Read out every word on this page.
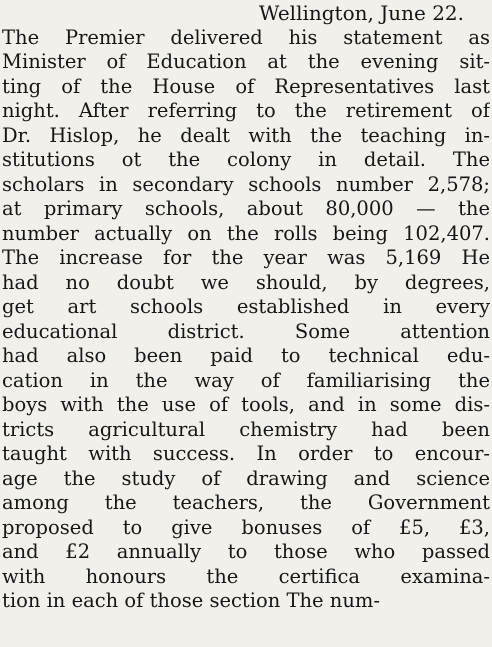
Wellington, June 22.
The Premier delivered his statement as
Minister of Education at the evening sit-
ting of the House of Representatives last
night. After referring to the retirement of
Dr. Hislop, he dealt with the teaching in-
stitutions ot the colony in detail. The
scholars in secondary schools number 2,578;
at primary schools, about 80,000 — the
number actually on the rolls being 102,407.
The increase for the year was 5,169 He
had no doubt we should, by degrees,
get art schools established in every
educational district. Some attention
had also been paid to technical edu-
cation in the way of familiarising the
boys with the use of tools, and in some dis-
tricts agricultural chemistry had been
taught with success. In order to encour-
age the study of drawing and science
among the teachers, the Government
proposed to give bonuses of £5, £3,
and £2 annually to those who passed
with honours the certifica examina-
tion in each of those section The num-
